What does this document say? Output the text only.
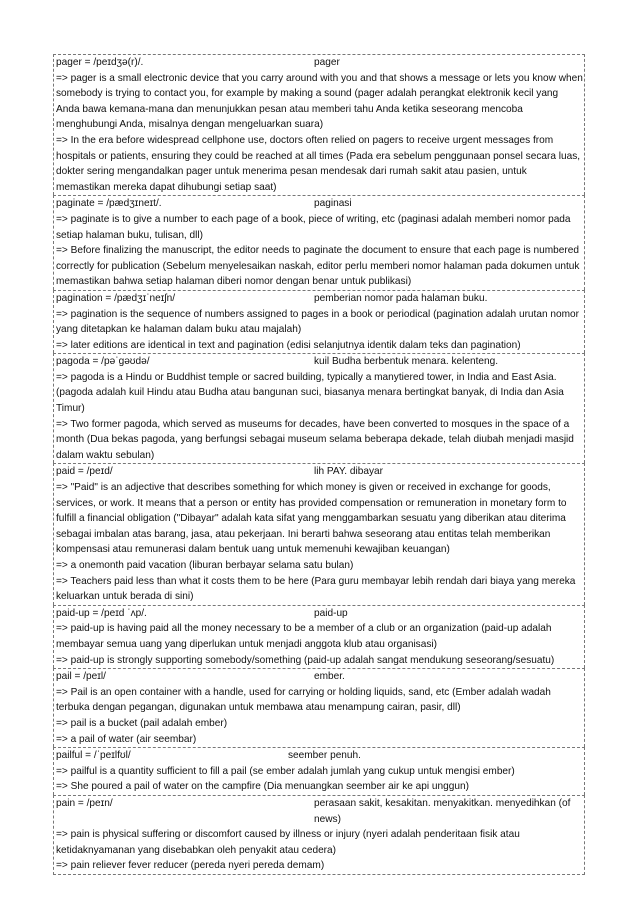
pager = /peɪdʒə(r)/.	pager

=> pager is a small electronic device that you carry around with you and that shows a message or lets you know when somebody is trying to contact you, for example by making a sound (pager adalah perangkat elektronik kecil yang Anda bawa kemana-mana dan menunjukkan pesan atau memberi tahu Anda ketika seseorang mencoba menghubungi Anda, misalnya dengan mengeluarkan suara)

=> In the era before widespread cellphone use, doctors often relied on pagers to receive urgent messages from hospitals or patients, ensuring they could be reached at all times (Pada era sebelum penggunaan ponsel secara luas, dokter sering mengandalkan pager untuk menerima pesan mendesak dari rumah sakit atau pasien, untuk memastikan mereka dapat dihubungi setiap saat)

paginate = /pædʒɪneɪt/.	paginasi

=> paginate is to give a number to each page of a book, piece of writing, etc (paginasi adalah memberi nomor pada setiap halaman buku, tulisan, dll)

=> Before finalizing the manuscript, the editor needs to paginate the document to ensure that each page is numbered correctly for publication (Sebelum menyelesaikan naskah, editor perlu memberi nomor halaman pada dokumen untuk memastikan bahwa setiap halaman diberi nomor dengan benar untuk publikasi)

pagination = /pædʒɪˈneɪʃn/	pemberian nomor pada halaman buku.

=> pagination is the sequence of numbers assigned to pages in a book or periodical (pagination adalah urutan nomor yang ditetapkan ke halaman dalam buku atau majalah)

=> later editions are identical in text and pagination (edisi selanjutnya identik dalam teks dan pagination)

pagoda = /pəˈɡəʊdə/	kuil Budha berbentuk menara. kelenteng.

=> pagoda is a Hindu or Buddhist temple or sacred building, typically a manytiered tower, in India and East Asia. (pagoda adalah kuil Hindu atau Budha atau bangunan suci, biasanya menara bertingkat banyak, di India dan Asia Timur)

=> Two former pagoda, which served as museums for decades, have been converted to mosques in the space of a month (Dua bekas pagoda, yang berfungsi sebagai museum selama beberapa dekade, telah diubah menjadi masjid dalam waktu sebulan)

paid = /peɪd/	lih PAY. dibayar

=> "Paid" is an adjective that describes something for which money is given or received in exchange for goods, services, or work. It means that a person or entity has provided compensation or remuneration in monetary form to fulfill a financial obligation ("Dibayar" adalah kata sifat yang menggambarkan sesuatu yang diberikan atau diterima sebagai imbalan atas barang, jasa, atau pekerjaan. Ini berarti bahwa seseorang atau entitas telah memberikan kompensasi atau remunerasi dalam bentuk uang untuk memenuhi kewajiban keuangan)

=> a onemonth paid vacation (liburan berbayar selama satu bulan)

=> Teachers paid less than what it costs them to be here (Para guru membayar lebih rendah dari biaya yang mereka keluarkan untuk berada di sini)

paid-up = /peɪd ˈʌp/.	paid-up

=> paid-up is having paid all the money necessary to be a member of a club or an organization (paid-up adalah membayar semua uang yang diperlukan untuk menjadi anggota klub atau organisasi)

=> paid-up is strongly supporting somebody/something (paid-up adalah sangat mendukung seseorang/sesuatu)

pail = /peɪl/	ember.

=> Pail is an open container with a handle, used for carrying or holding liquids, sand, etc (Ember adalah wadah terbuka dengan pegangan, digunakan untuk membawa atau menampung cairan, pasir, dll)

=> pail is a bucket (pail adalah ember)

=> a pail of water (air seembar)

pailful = /ˈpeɪlfʊl/	seember penuh.

=> pailful is a quantity sufficient to fill a pail (se ember adalah jumlah yang cukup untuk mengisi ember)

=> She poured a pail of water on the campfire (Dia menuangkan seember air ke api unggun)

pain = /peɪn/	perasaan sakit, kesakitan. menyakitkan. menyedihkan (of news)

=> pain is physical suffering or discomfort caused by illness or injury (nyeri adalah penderitaan fisik atau ketidaknyamanan yang disebabkan oleh penyakit atau cedera)

=> pain reliever fever reducer (pereda nyeri pereda demam)
